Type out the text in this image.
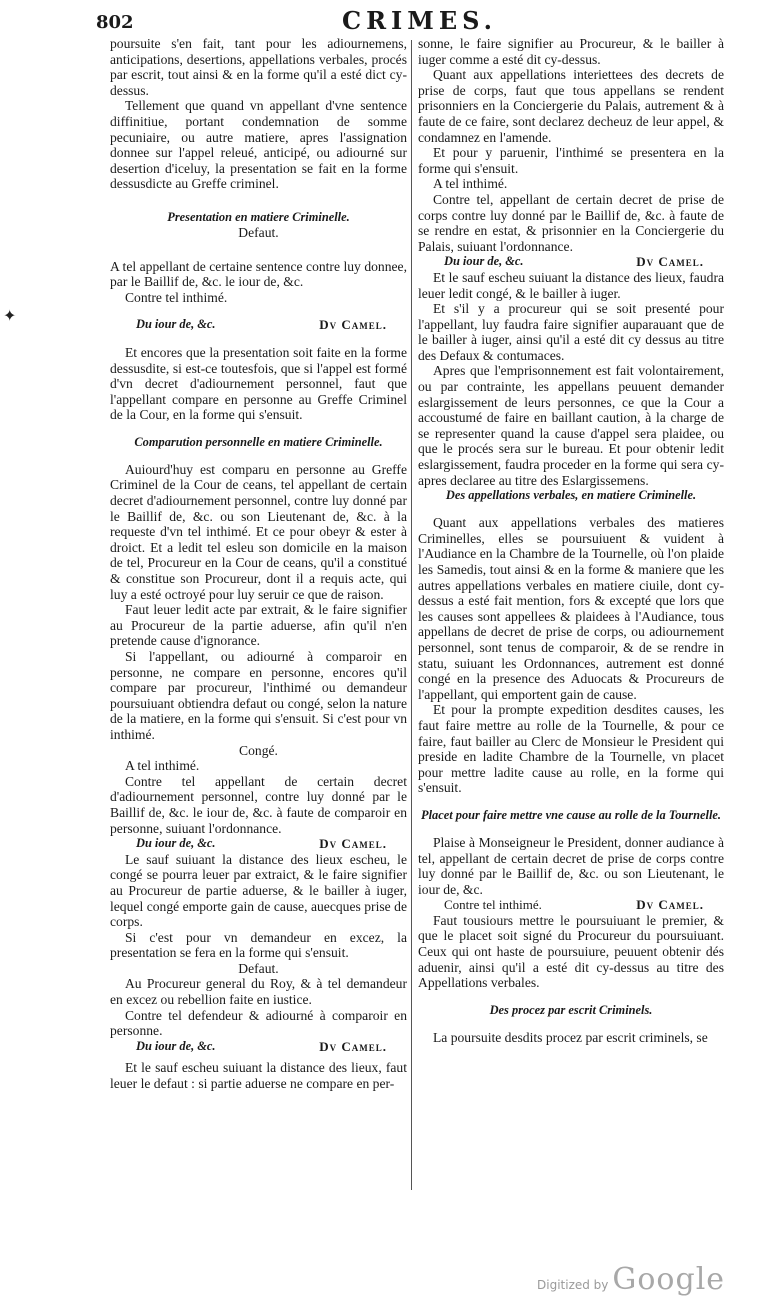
802	CRIMES.
✦

poursuite s'en fait, tant pour les adiournemens, anticipations, desertions, appellations verbales, procés par escrit, tout ainsi & en la forme qu'il a esté dict cy-dessus.

Tellement que quand vn appellant d'vne sentence diffinitiue, portant condemnation de somme pecuniaire, ou autre matiere, apres l'assignation donnee sur l'appel releué, anticipé, ou adiourné sur desertion d'iceluy, la presentation se fait en la forme dessusdicte au Greffe criminel.

Presentation en matiere Criminelle.

Defaut.

A tel appellant de certaine sentence contre luy donnee, par le Baillif de, &c. le iour de, &c.

Contre tel inthimé.

Du iour de, &c.	Dv Camel.

Et encores que la presentation soit faite en la forme dessusdite, si est-ce toutesfois, que si l'appel est formé d'vn decret d'adiournement personnel, faut que l'appellant compare en personne au Greffe Criminel de la Cour, en la forme qui s'ensuit.

Comparution personnelle en matiere Criminelle.

Auiourd'huy est comparu en personne au Greffe Criminel de la Cour de ceans, tel appellant de certain decret d'adiournement personnel, contre luy donné par le Baillif de, &c. ou son Lieutenant de, &c. à la requeste d'vn tel inthimé. Et ce pour obeyr & ester à droict. Et a ledit tel esleu son domicile en la maison de tel, Procureur en la Cour de ceans, qu'il a constitué & constitue son Procureur, dont il a requis acte, qui luy a esté octroyé pour luy seruir ce que de raison.

Faut leuer ledit acte par extrait, & le faire signifier au Procureur de la partie aduerse, afin qu'il n'en pretende cause d'ignorance.

Si l'appellant, ou adiourné à comparoir en personne, ne compare en personne, encores qu'il compare par procureur, l'inthimé ou demandeur poursuiuant obtiendra defaut ou congé, selon la nature de la matiere, en la forme qui s'ensuit. Si c'est pour vn inthimé.

Congé.

A tel inthimé.

Contre tel appellant de certain decret d'adiournement personnel, contre luy donné par le Baillif de, &c. le iour de, &c. à faute de comparoir en personne, suiuant l'ordonnance.

Du iour de, &c.	Dv Camel.

Le sauf suiuant la distance des lieux escheu, le congé se pourra leuer par extraict, & le faire signifier au Procureur de partie aduerse, & le bailler à iuger, lequel congé emporte gain de cause, auecques prise de corps.

Si c'est pour vn demandeur en excez, la presentation se fera en la forme qui s'ensuit.

Defaut.

Au Procureur general du Roy, & à tel demandeur en excez ou rebellion faite en iustice.

Contre tel defendeur & adiourné à comparoir en personne.

Du iour de, &c.	Dv Camel.

Et le sauf escheu suiuant la distance des lieux, faut leuer le defaut : si partie aduerse ne compare en per-

sonne, le faire signifier au Procureur, & le bailler à iuger comme a esté dit cy-dessus.

Quant aux appellations interiettees des decrets de prise de corps, faut que tous appellans se rendent prisonniers en la Conciergerie du Palais, autrement & à faute de ce faire, sont declarez decheuz de leur appel, & condamnez en l'amende.

Et pour y paruenir, l'inthimé se presentera en la forme qui s'ensuit.

A tel inthimé.

Contre tel, appellant de certain decret de prise de corps contre luy donné par le Baillif de, &c. à faute de se rendre en estat, & prisonnier en la Conciergerie du Palais, suiuant l'ordonnance.

Du iour de, &c.	Dv Camel.

Et le sauf escheu suiuant la distance des lieux, faudra leuer ledit congé, & le bailler à iuger.

Et s'il y a procureur qui se soit presenté pour l'appellant, luy faudra faire signifier auparauant que de le bailler à iuger, ainsi qu'il a esté dit cy dessus au titre des Defaux & contumaces.

Apres que l'emprisonnement est fait volontairement, ou par contrainte, les appellans peuuent demander eslargissement de leurs personnes, ce que la Cour a accoustumé de faire en baillant caution, à la charge de se representer quand la cause d'appel sera plaidee, ou que le procés sera sur le bureau. Et pour obtenir ledit eslargissement, faudra proceder en la forme qui sera cy-apres declaree au titre des Eslargissemens.

Des appellations verbales, en matiere Criminelle.

Quant aux appellations verbales des matieres Criminelles, elles se poursuiuent & vuident à l'Audiance en la Chambre de la Tournelle, où l'on plaide les Samedis, tout ainsi & en la forme & maniere que les autres appellations verbales en matiere ciuile, dont cy-dessus a esté fait mention, fors & excepté que lors que les causes sont appellees & plaidees à l'Audiance, tous appellans de decret de prise de corps, ou adiournement personnel, sont tenus de comparoir, & de se rendre in statu, suiuant les Ordonnances, autrement est donné congé en la presence des Aduocats & Procureurs de l'appellant, qui emportent gain de cause.

Et pour la prompte expedition desdites causes, les faut faire mettre au rolle de la Tournelle, & pour ce faire, faut bailler au Clerc de Monsieur le President qui preside en ladite Chambre de la Tournelle, vn placet pour mettre ladite cause au rolle, en la forme qui s'ensuit.

Placet pour faire mettre vne cause au rolle de la Tournelle.

Plaise à Monseigneur le President, donner audiance à tel, appellant de certain decret de prise de corps contre luy donné par le Baillif de, &c. ou son Lieutenant, le iour de, &c.

Contre tel inthimé.	Dv Camel.

Faut tousiours mettre le poursuiuant le premier, & que le placet soit signé du Procureur du poursuiuant. Ceux qui ont haste de poursuiure, peuuent obtenir dés aduenir, ainsi qu'il a esté dit cy-dessus au titre des Appellations verbales.

Des procez par escrit Criminels.

La poursuite desdits procez par escrit criminels, se

Digitized by Google
